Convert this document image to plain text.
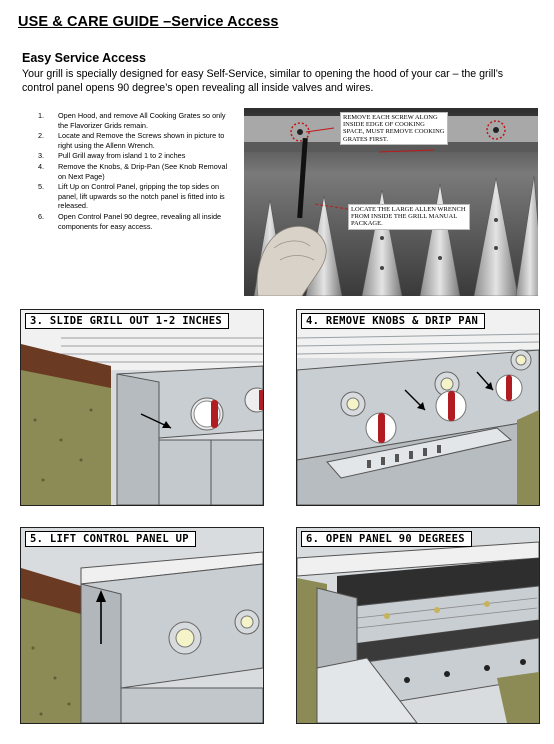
USE & CARE GUIDE –Service Access
Easy Service Access
Your grill is specially designed for easy Self-Service, similar to opening the hood of your car – the grill’s control panel opens 90 degree’s open revealing all inside valves and wires.
1. Open Hood, and remove All Cooking Grates so only the Flavorizer Grids remain.
2. Locate and Remove the Screws shown in picture to right using the Allenn Wrench.
3. Pull Grill away from island 1 to 2 inches
4. Remove the Knobs, & Drip-Pan (See Knob Removal on Next Page)
5. Lift Up on Control Panel, gripping the top sides on panel, lift upwards so the notch panel is fitted into is released.
6. Open Control Panel 90 degree, revealing all inside components for easy access.
REMOVE EACH SCREW ALONG INSIDE EDGE OF COOKING SPACE, MUST REMOVE COOKING GRATES FIRST.
LOCATE THE LARGE ALLEN WRENCH FROM INSIDE THE GRILL MANUAL PACKAGE.
3. SLIDE GRILL OUT 1-2 INCHES	4. REMOVE KNOBS & DRIP PAN
5. LIFT CONTROL PANEL UP	6. OPEN PANEL 90 DEGREES
